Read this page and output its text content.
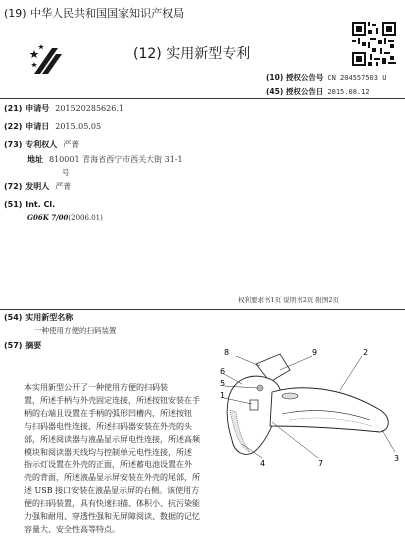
(19) 中华人民共和国国家知识产权局
(12) 实用新型专利
(10) 授权公告号 CN 204557503 U
(45) 授权公告日 2015.08.12
(21) 申请号 201520285626.1
(22) 申请日 2015.05.05
(73) 专利权人 严菁
地址 810001 青海省西宁市西关大街 31-1
号
(72) 发明人 严菁
(51) Int. Cl.
G06K 7/00(2006.01)
权利要求书1页 说明书2页 附图2页
(54) 实用新型名称
一种使用方便的扫码装置
(57) 摘要
本实用新型公开了一种使用方便的扫码装
置，所述手柄与外壳固定连接，所述按钮安装在手
柄的右端且设置在手柄的弧形凹槽内，所述按钮
与扫码器电性连接，所述扫码器安装在外壳的头
部，所述阅读器与液晶显示屏电性连接，所述高频
模块和阅读器天线均与控制单元电性连接，所述
指示灯设置在外壳的正面，所述蓄电池设置在外
壳的背面，所述液晶显示屏安装在外壳的尾部，所
述 USB 接口安装在液晶显示屏的右侧。该使用方
便的扫码装置，具有快速扫描、体积小、抗污染能
力强和耐用、穿透性强和无屏障阅读、数据的记忆
容量大、安全性高等特点。
8	9	2
6
5
1
4	7
3
